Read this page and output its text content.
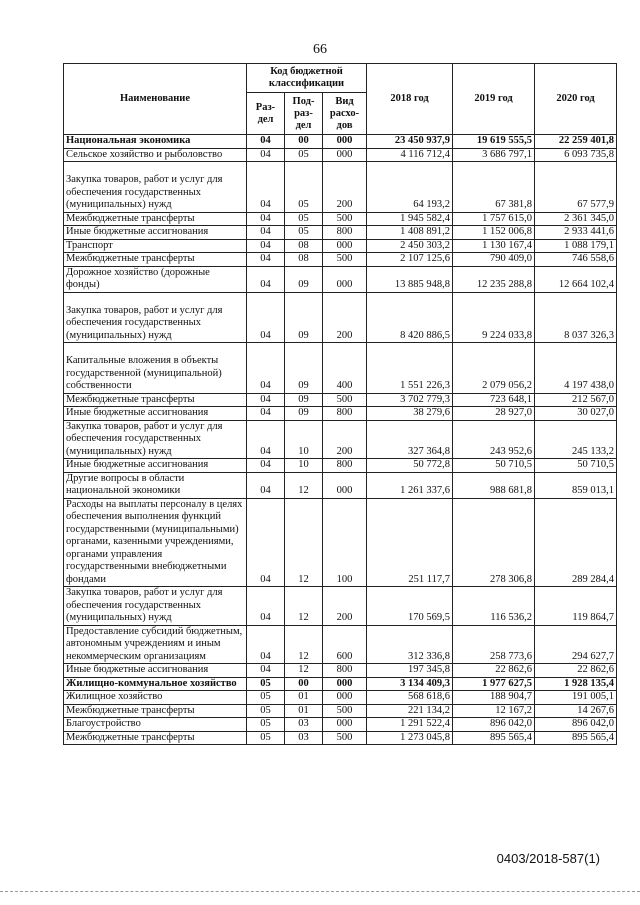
66
Наименование	Код бюджетной классификации			2018 год	2019 год	2020 год
	Раз-дел	Под-раз-дел	Вид расхо-дов			
Национальная экономика	04	00	000	23 450 937,9	19 619 555,5	22 259 401,8
Сельское хозяйство и рыболовство	04	05	000	4 116 712,4	3 686 797,1	6 093 735,8
Закупка товаров, работ и услуг для обеспечения государственных (муниципальных) нужд	04	05	200	64 193,2	67 381,8	67 577,9
Межбюджетные трансферты	04	05	500	1 945 582,4	1 757 615,0	2 361 345,0
Иные бюджетные ассигнования	04	05	800	1 408 891,2	1 152 006,8	2 933 441,6
Транспорт	04	08	000	2 450 303,2	1 130 167,4	1 088 179,1
Межбюджетные трансферты	04	08	500	2 107 125,6	790 409,0	746 558,6
Дорожное хозяйство (дорожные фонды)	04	09	000	13 885 948,8	12 235 288,8	12 664 102,4
Закупка товаров, работ и услуг для обеспечения государственных (муниципальных) нужд	04	09	200	8 420 886,5	9 224 033,8	8 037 326,3
Капитальные вложения в объекты государственной (муниципальной) собственности	04	09	400	1 551 226,3	2 079 056,2	4 197 438,0
Межбюджетные трансферты	04	09	500	3 702 779,3	723 648,1	212 567,0
Иные бюджетные ассигнования	04	09	800	38 279,6	28 927,0	30 027,0
Закупка товаров, работ и услуг для обеспечения государственных (муниципальных) нужд	04	10	200	327 364,8	243 952,6	245 133,2
Иные бюджетные ассигнования	04	10	800	50 772,8	50 710,5	50 710,5
Другие вопросы в области национальной экономики	04	12	000	1 261 337,6	988 681,8	859 013,1
Расходы на выплаты персоналу в целях обеспечения выполнения функций государственными (муниципальными) органами, казенными учреждениями, органами управления государственными внебюджетными фондами	04	12	100	251 117,7	278 306,8	289 284,4
Закупка товаров, работ и услуг для обеспечения государственных (муниципальных) нужд	04	12	200	170 569,5	116 536,2	119 864,7
Предоставление субсидий бюджетным, автономным учреждениям и иным некоммерческим организациям	04	12	600	312 336,8	258 773,6	294 627,7
Иные бюджетные ассигнования	04	12	800	197 345,8	22 862,6	22 862,6
Жилищно-коммунальное хозяйство	05	00	000	3 134 409,3	1 977 627,5	1 928 135,4
Жилищное хозяйство	05	01	000	568 618,6	188 904,7	191 005,1
Межбюджетные трансферты	05	01	500	221 134,2	12 167,2	14 267,6
Благоустройство	05	03	000	1 291 522,4	896 042,0	896 042,0
Межбюджетные трансферты	05	03	500	1 273 045,8	895 565,4	895 565,4
0403/2018-587(1)
